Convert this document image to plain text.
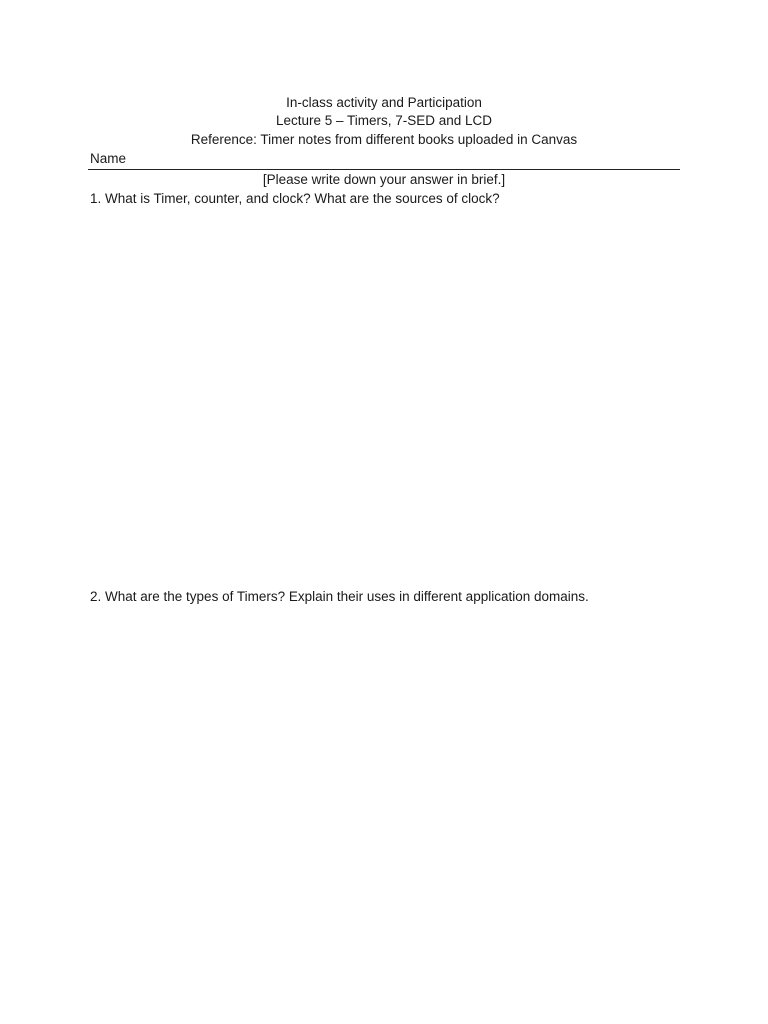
In-class activity and Participation
Lecture 5 – Timers, 7-SED and LCD
Reference: Timer notes from different books uploaded in Canvas
Name
[Please write down your answer in brief.]
1. What is Timer, counter, and clock? What are the sources of clock?
2. What are the types of Timers? Explain their uses in different application domains.
